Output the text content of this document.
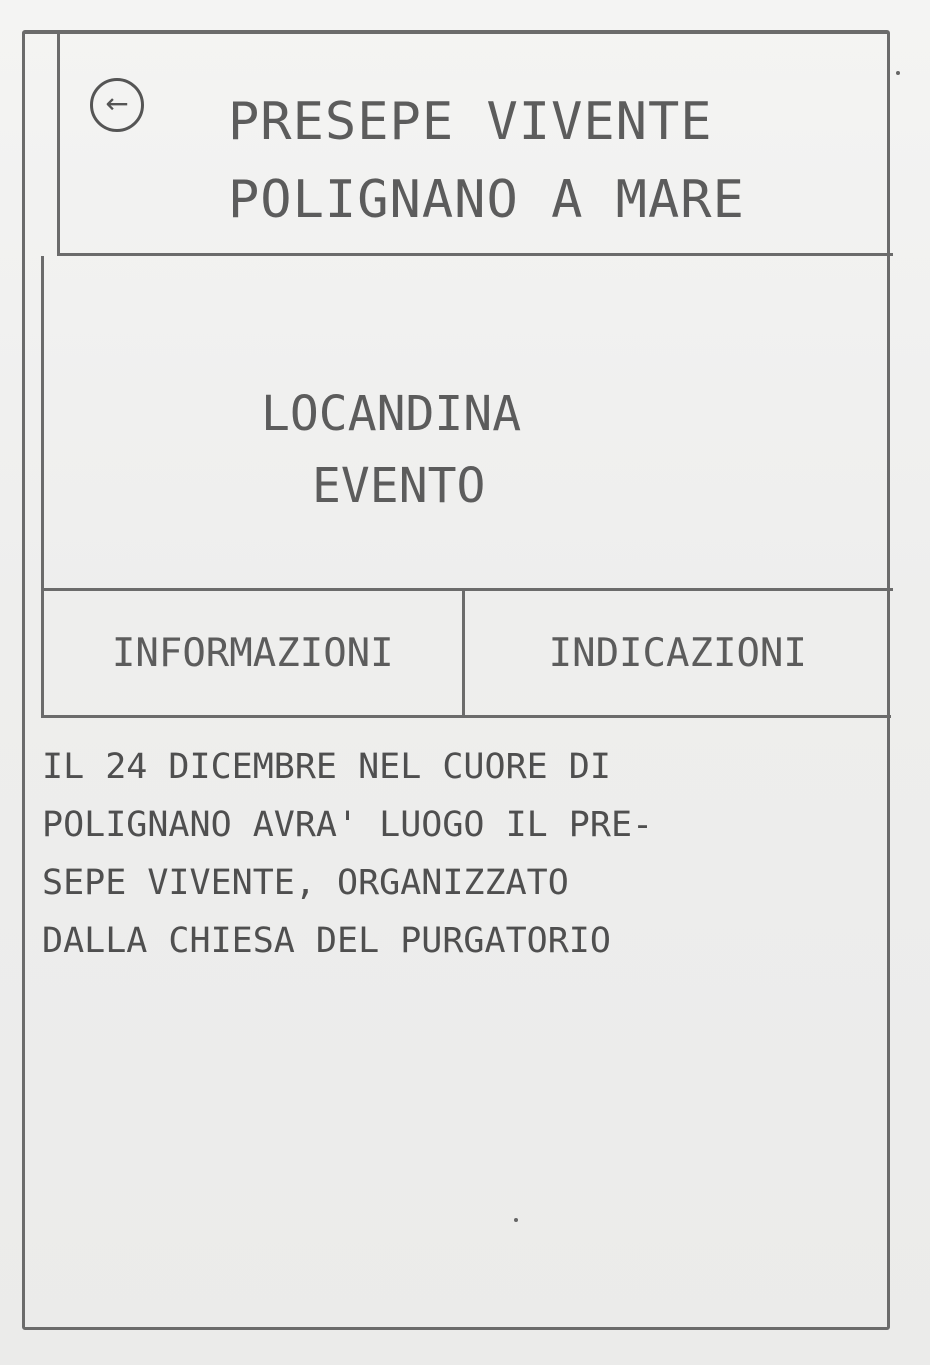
← PRESEPE VIVENTE
POLIGNANO A MARE
LOCANDINA
EVENTO
INFORMAZIONI	INDICAZIONI

IL 24 DICEMBRE NEL CUORE DI

POLIGNANO AVRA' LUOGO IL PRE-

SEPE VIVENTE, ORGANIZZATO

DALLA CHIESA DEL PURGATORIO
